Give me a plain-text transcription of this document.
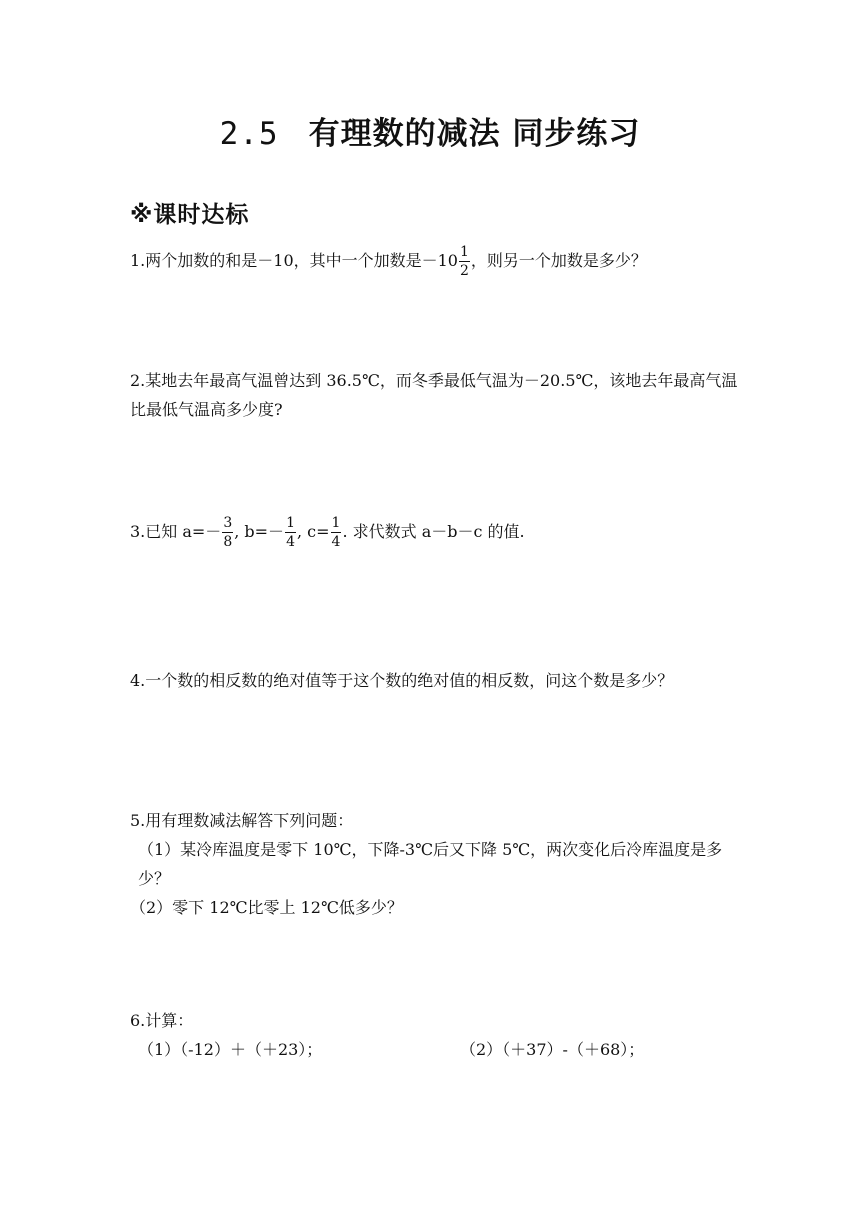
2.5 有理数的减法 同步练习
※课时达标
1.两个加数的和是－10，其中一个加数是$-10 \frac{1}{2}$ ，则另一个加数是多少？
2.某地去年最高气温曾达到 36.5℃，而冬季最低气温为－20.5℃，该地去年最高气温比最低气温高多少度?
3.已知 $a=- \frac{3}{8}$ , $b=- \frac{1}{4}$ , $c= \frac{1}{4}$ . 求代数式 a－b－c 的值.
4.一个数的相反数的绝对值等于这个数的绝对值的相反数，问这个数是多少？
5.用有理数减法解答下列问题：
（1）某冷库温度是零下 10℃，下降-3℃后又下降 5℃，两次变化后冷库温度是多少？
（2）零下 12℃比零上 12℃低多少？
6.计算：
（1）（-12）＋（＋23）；	（2）（＋37）-（＋68）；
